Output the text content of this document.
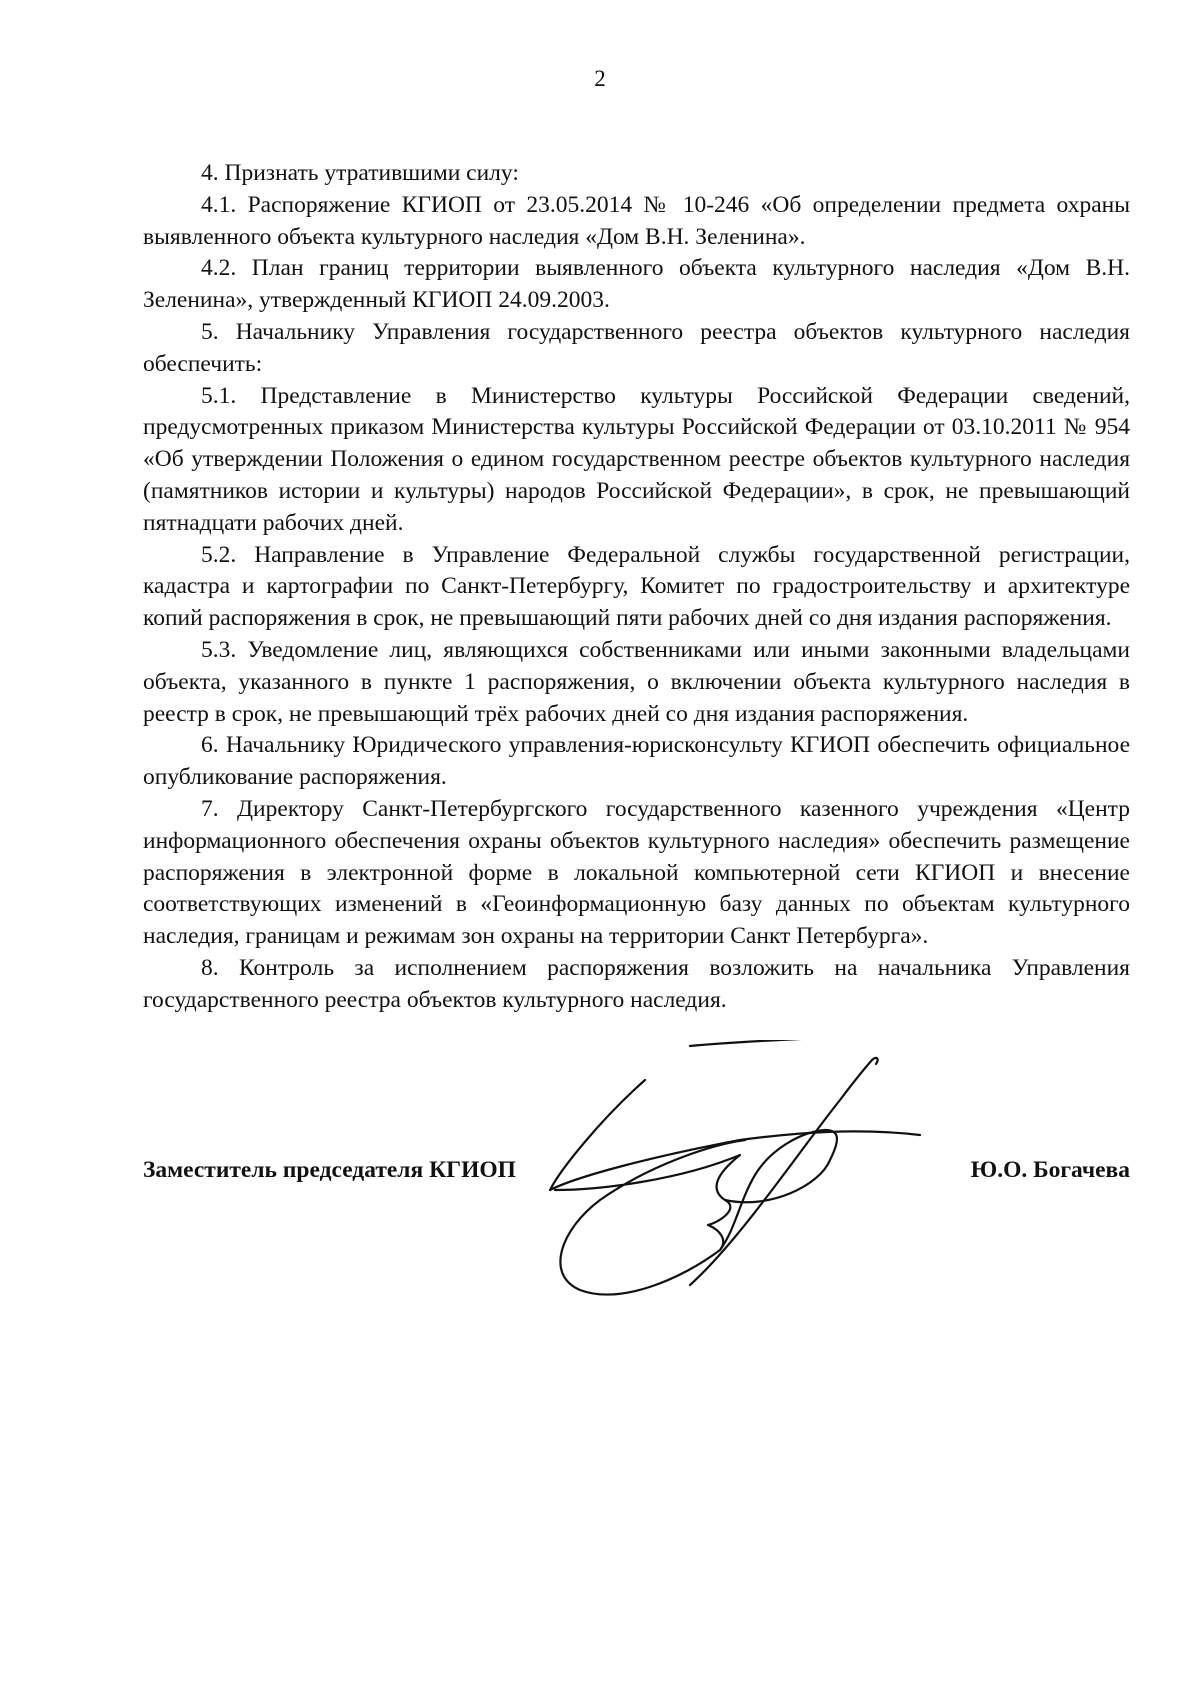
2

4. Признать утратившими силу:

4.1. Распоряжение КГИОП от 23.05.2014 № 10-246 «Об определении предмета охраны выявленного объекта культурного наследия «Дом В.Н. Зеленина».

4.2. План границ территории выявленного объекта культурного наследия «Дом В.Н. Зеленина», утвержденный КГИОП 24.09.2003.

5. Начальнику Управления государственного реестра объектов культурного наследия обеспечить:

5.1. Представление в Министерство культуры Российской Федерации сведений, предусмотренных приказом Министерства культуры Российской Федерации от 03.10.2011 № 954 «Об утверждении Положения о едином государственном реестре объектов культурного наследия (памятников истории и культуры) народов Российской Федерации», в срок, не превышающий пятнадцати рабочих дней.

5.2. Направление в Управление Федеральной службы государственной регистрации, кадастра и картографии по Санкт-Петербургу, Комитет по градостроительству и архитектуре копий распоряжения в срок, не превышающий пяти рабочих дней со дня издания распоряжения.

5.3. Уведомление лиц, являющихся собственниками или иными законными владельцами объекта, указанного в пункте 1 распоряжения, о включении объекта культурного наследия в реестр в срок, не превышающий трёх рабочих дней со дня издания распоряжения.

6. Начальнику Юридического управления-юрисконсульту КГИОП обеспечить официальное опубликование распоряжения.

7. Директору Санкт-Петербургского государственного казенного учреждения «Центр информационного обеспечения охраны объектов культурного наследия» обеспечить размещение распоряжения в электронной форме в локальной компьютерной сети КГИОП и внесение соответствующих изменений в «Геоинформационную базу данных по объектам культурного наследия, границам и режимам зон охраны на территории Санкт Петербурга».

8. Контроль за исполнением распоряжения возложить на начальника Управления государственного реестра объектов культурного наследия.

Заместитель председателя КГИОП	Ю.О. Богачева
